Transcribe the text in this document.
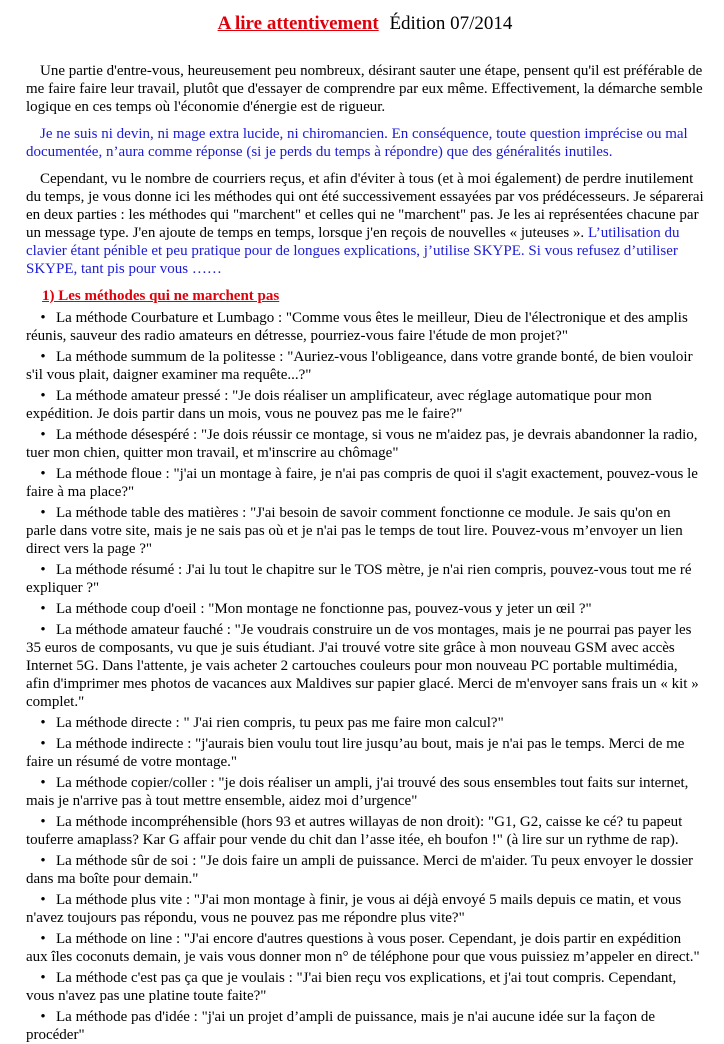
A lire attentivement Édition 07/2014

Une partie d'entre-vous, heureusement peu nombreux, désirant sauter une étape, pensent qu'il est préférable de me faire faire leur travail, plutôt que d'essayer de comprendre par eux même. Effectivement, la démarche semble logique en ces temps où l'économie d'énergie est de rigueur.

Je ne suis ni devin, ni mage extra lucide, ni chiromancien. En conséquence, toute question imprécise ou mal documentée, n’aura comme réponse (si je perds du temps à répondre) que des généralités inutiles.

Cependant, vu le nombre de courriers reçus, et afin d'éviter à tous (et à moi également) de perdre inutilement du temps, je vous donne ici les méthodes qui ont été successivement essayées par vos prédécesseurs. Je séparerai en deux parties : les méthodes qui "marchent" et celles qui ne "marchent" pas. Je les ai représentées chacune par un message type. J'en ajoute de temps en temps, lorsque j'en reçois de nouvelles « juteuses ». L’utilisation du clavier étant pénible et peu pratique pour de longues explications, j’utilise SKYPE. Si vous refusez d’utiliser SKYPE, tant pis pour vous ……

1) Les méthodes qui ne marchent pas
• La méthode Courbature et Lumbago : "Comme vous êtes le meilleur, Dieu de l'électronique et des amplis réunis, sauveur des radio amateurs en détresse, pourriez-vous faire l'étude de mon projet?"
• La méthode summum de la politesse : "Auriez-vous l'obligeance, dans votre grande bonté, de bien vouloir s'il vous plait, daigner examiner ma requête...?"
• La méthode amateur pressé : "Je dois réaliser un amplificateur, avec réglage automatique pour mon expédition. Je dois partir dans un mois, vous ne pouvez pas me le faire?"
• La méthode désespéré : "Je dois réussir ce montage, si vous ne m'aidez pas, je devrais abandonner la radio, tuer mon chien, quitter mon travail, et m'inscrire au chômage"
• La méthode floue : "j'ai un montage à faire, je n'ai pas compris de quoi il s'agit exactement, pouvez-vous le faire à ma place?"
• La méthode table des matières : "J'ai besoin de savoir comment fonctionne ce module. Je sais qu'on en parle dans votre site, mais je ne sais pas où et je n'ai pas le temps de tout lire. Pouvez-vous m’envoyer un lien direct vers la page ?"
• La méthode résumé : J'ai lu tout le chapitre sur le TOS mètre, je n'ai rien compris, pouvez-vous tout me ré expliquer ?"
• La méthode coup d'oeil : "Mon montage ne fonctionne pas, pouvez-vous y jeter un œil ?"
• La méthode amateur fauché : "Je voudrais construire un de vos montages, mais je ne pourrai pas payer les 35 euros de composants, vu que je suis étudiant. J'ai trouvé votre site grâce à mon nouveau GSM avec accès Internet 5G. Dans l'attente, je vais acheter 2 cartouches couleurs pour mon nouveau PC portable multimédia, afin d'imprimer mes photos de vacances aux Maldives sur papier glacé. Merci de m'envoyer sans frais un « kit » complet."
• La méthode directe : " J'ai rien compris, tu peux pas me faire mon calcul?"
• La méthode indirecte : "j'aurais bien voulu tout lire jusqu’au bout, mais je n'ai pas le temps. Merci de me faire un résumé de votre montage."
• La méthode copier/coller : "je dois réaliser un ampli, j'ai trouvé des sous ensembles tout faits sur internet, mais je n'arrive pas à tout mettre ensemble, aidez moi d’urgence"
• La méthode incompréhensible (hors 93 et autres willayas de non droit): "G1, G2, caisse ke cé? tu papeut touferre amaplass? Kar G affair pour vende du chit dan l’asse itée, eh boufon !" (à lire sur un rythme de rap).
• La méthode sûr de soi : "Je dois faire un ampli de puissance. Merci de m'aider. Tu peux envoyer le dossier dans ma boîte pour demain."
• La méthode plus vite : "J'ai mon montage à finir, je vous ai déjà envoyé 5 mails depuis ce matin, et vous n'avez toujours pas répondu, vous ne pouvez pas me répondre plus vite?"
• La méthode on line : "J'ai encore d'autres questions à vous poser. Cependant, je dois partir en expédition aux îles coconuts demain, je vais vous donner mon n° de téléphone pour que vous puissiez m’appeler en direct."
• La méthode c'est pas ça que je voulais : "J'ai bien reçu vos explications, et j'ai tout compris. Cependant, vous n'avez pas une platine toute faite?"
• La méthode pas d'idée : "j'ai un projet d’ampli de puissance, mais je n'ai aucune idée sur la façon de procéder"
